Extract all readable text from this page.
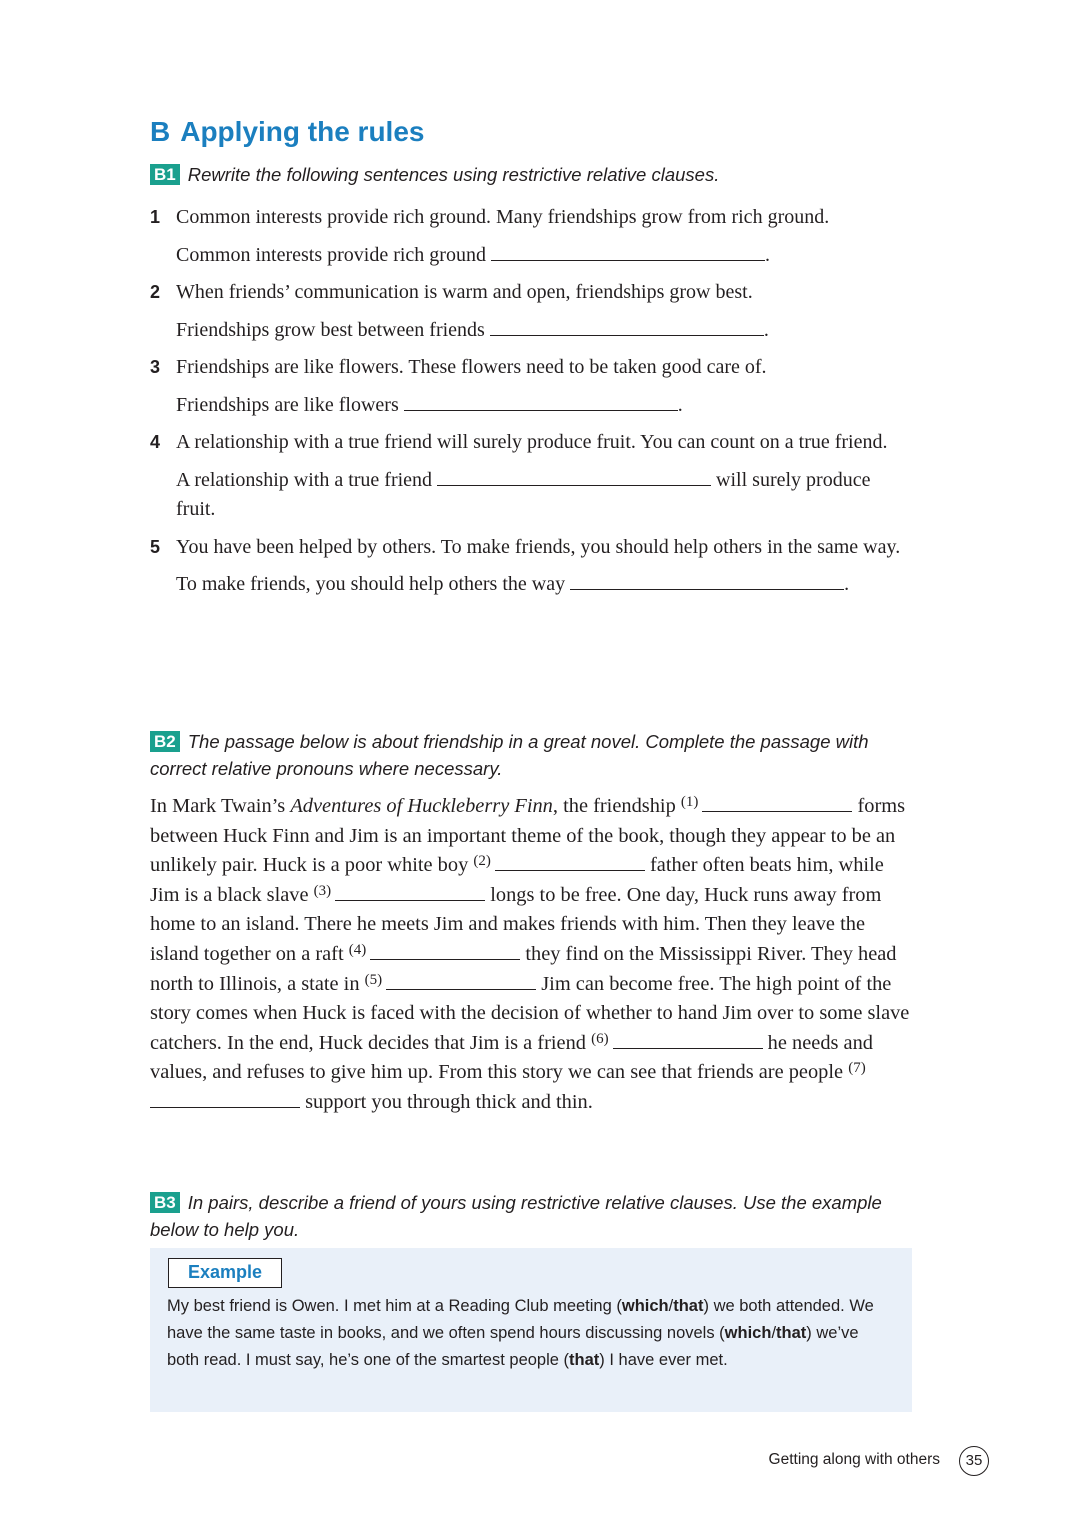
B Applying the rules
B1 Rewrite the following sentences using restrictive relative clauses.
1 Common interests provide rich ground. Many friendships grow from rich ground.

Common interests provide rich ground	.

2 When friends’ communication is warm and open, friendships grow best.

Friendships grow best between friends	.

3 Friendships are like flowers. These flowers need to be taken good care of.

Friendships are like flowers	.

4 A relationship with a true friend will surely produce fruit. You can count on a true friend.

A relationship with a true friend	will surely produce fruit.

5 You have been helped by others. To make friends, you should help others in the same way.

To make friends, you should help others the way	.

B2 The passage below is about friendship in a great novel. Complete the passage with correct relative pronouns where necessary.

In Mark Twain’s Adventures of Huckleberry Finn, the friendship $^{(1)}$	forms between Huck Finn and Jim is an important theme of the book, though they appear to be an unlikely pair. Huck is a poor white boy $^{(2)}$	father often beats him, while Jim is a black slave $^{(3)}$	longs to be free. One day, Huck runs away from home to an island. There he meets Jim and makes friends with him. Then they leave the island together on a raft $^{(4)}$	they find on the Mississippi River. They head north to Illinois, a state in $^{(5)}$	Jim can become free. The high point of the story comes when Huck is faced with the decision of whether to hand Jim over to some slave catchers. In the end, Huck decides that Jim is a friend $^{(6)}$	he needs and values, and refuses to give him up. From this story we can see that friends are people $^{(7)}$ support you through thick and thin.

B3 In pairs, describe a friend of yours using restrictive relative clauses. Use the example below to help you.
Example

My best friend is Owen. I met him at a Reading Club meeting (which/that) we both attended. We have the same taste in books, and we often spend hours discussing novels (which/that) we’ve both read. I must say, he’s one of the smartest people (that) I have ever met.

Getting along with others	35
